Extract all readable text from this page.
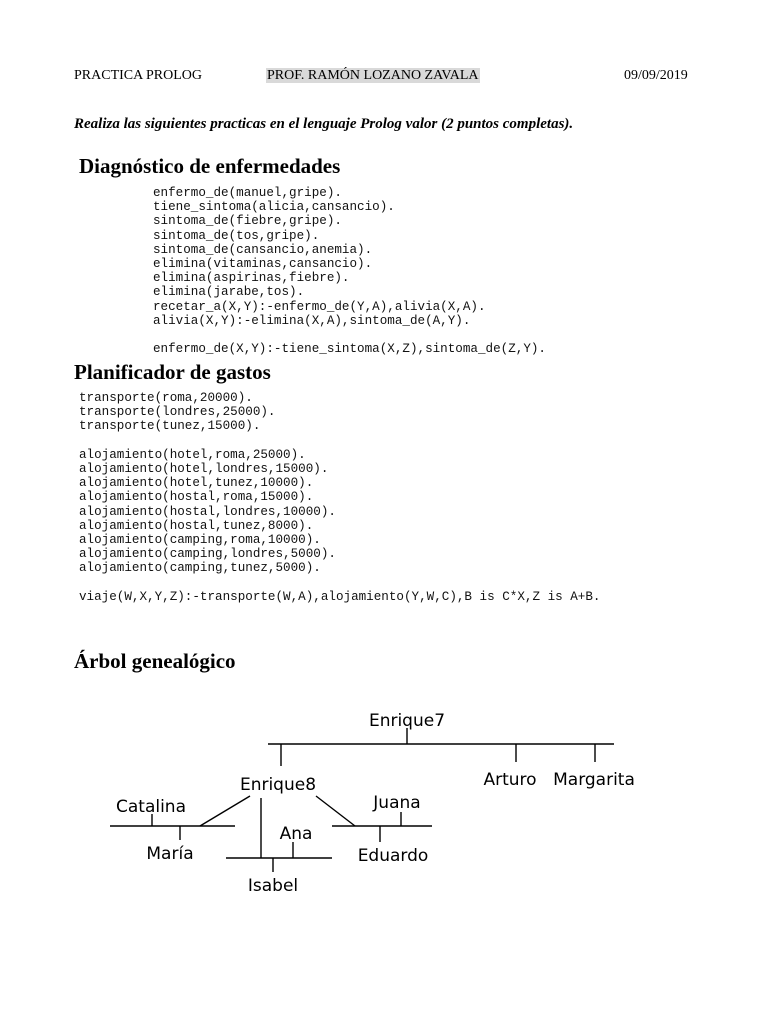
PRACTICA PROLOG	PROF. RAMÓN LOZANO ZAVALA	09/09/2019
Realiza las siguientes practicas en el lenguaje Prolog valor (2 puntos completas).
Diagnóstico de enfermedades
enfermo_de(manuel,gripe).
tiene_sintoma(alicia,cansancio).
sintoma_de(fiebre,gripe).
sintoma_de(tos,gripe).
sintoma_de(cansancio,anemia).
elimina(vitaminas,cansancio).
elimina(aspirinas,fiebre).
elimina(jarabe,tos).
recetar_a(X,Y):-enfermo_de(Y,A),alivia(X,A).
alivia(X,Y):-elimina(X,A),sintoma_de(A,Y).
enfermo_de(X,Y):-tiene_sintoma(X,Z),sintoma_de(Z,Y).
Planificador de gastos
transporte(roma,20000).
transporte(londres,25000).
transporte(tunez,15000).
alojamiento(hotel,roma,25000).
alojamiento(hotel,londres,15000).
alojamiento(hotel,tunez,10000).
alojamiento(hostal,roma,15000).
alojamiento(hostal,londres,10000).
alojamiento(hostal,tunez,8000).
alojamiento(camping,roma,10000).
alojamiento(camping,londres,5000).
alojamiento(camping,tunez,5000).
viaje(W,X,Y,Z):-transporte(W,A),alojamiento(Y,W,C),B is C*X,Z is A+B.
Árbol genealógico
Enrique7
Enrique8	Arturo Margarita
Catalina	Juana
Ana
María	Eduardo
Isabel
